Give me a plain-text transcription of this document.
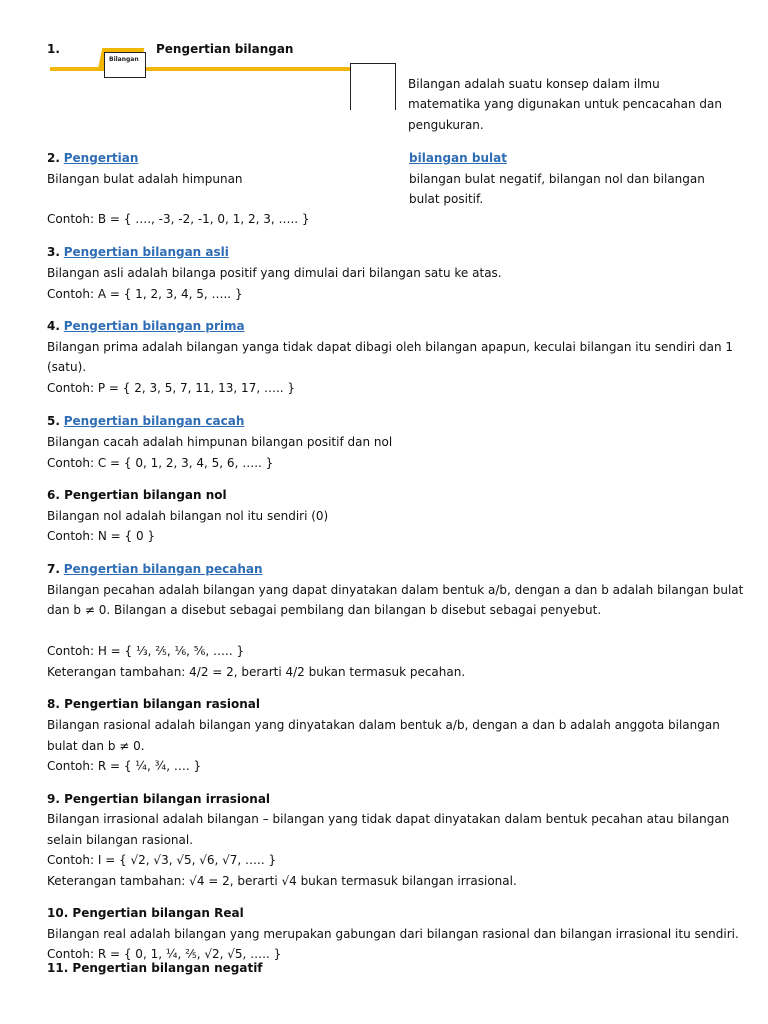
1.	Pengertian bilangan
Bilangan
Bilangan adalah suatu konsep dalam ilmu
matematika yang digunakan untuk pencacahan dan
pengukuran.
2. Pengertian	bilangan bulat
Bilangan bulat adalah himpunan	bilangan bulat negatif, bilangan nol dan bilangan
bulat positif.
Contoh: B = { …., -3, -2, -1, 0, 1, 2, 3, ….. }
3. Pengertian bilangan asli
Bilangan asli adalah bilanga positif yang dimulai dari bilangan satu ke atas.
Contoh: A = { 1, 2, 3, 4, 5, ….. }
4. Pengertian bilangan prima
Bilangan prima adalah bilangan yanga tidak dapat dibagi oleh bilangan apapun, keculai bilangan itu sendiri dan 1
(satu).
Contoh: P = { 2, 3, 5, 7, 11, 13, 17, ….. }
5. Pengertian bilangan cacah
Bilangan cacah adalah himpunan bilangan positif dan nol
Contoh: C = { 0, 1, 2, 3, 4, 5, 6, ….. }
6. Pengertian bilangan nol
Bilangan nol adalah bilangan nol itu sendiri (0)
Contoh: N = { 0 }
7. Pengertian bilangan pecahan
Bilangan pecahan adalah bilangan yang dapat dinyatakan dalam bentuk a/b, dengan a dan b adalah bilangan bulat
dan b ≠ 0. Bilangan a disebut sebagai pembilang dan bilangan b disebut sebagai penyebut.
Contoh: H = { ⅓, ⅖, ⅙, ⅚, ….. }
Keterangan tambahan: 4/2 = 2, berarti 4/2 bukan termasuk pecahan.
8. Pengertian bilangan rasional
Bilangan rasional adalah bilangan yang dinyatakan dalam bentuk a/b, dengan a dan b adalah anggota bilangan
bulat dan b ≠ 0.
Contoh: R = { ¼, ¾, …. }
9. Pengertian bilangan irrasional
Bilangan irrasional adalah bilangan – bilangan yang tidak dapat dinyatakan dalam bentuk pecahan atau bilangan
selain bilangan rasional.
Contoh: I = { √2, √3, √5, √6, √7, ….. }
Keterangan tambahan: √4 = 2, berarti √4 bukan termasuk bilangan irrasional.
10. Pengertian bilangan Real
Bilangan real adalah bilangan yang merupakan gabungan dari bilangan rasional dan bilangan irrasional itu sendiri.
Contoh: R = { 0, 1, ¼, ⅖, √2, √5, ….. }
11. Pengertian bilangan negatif
